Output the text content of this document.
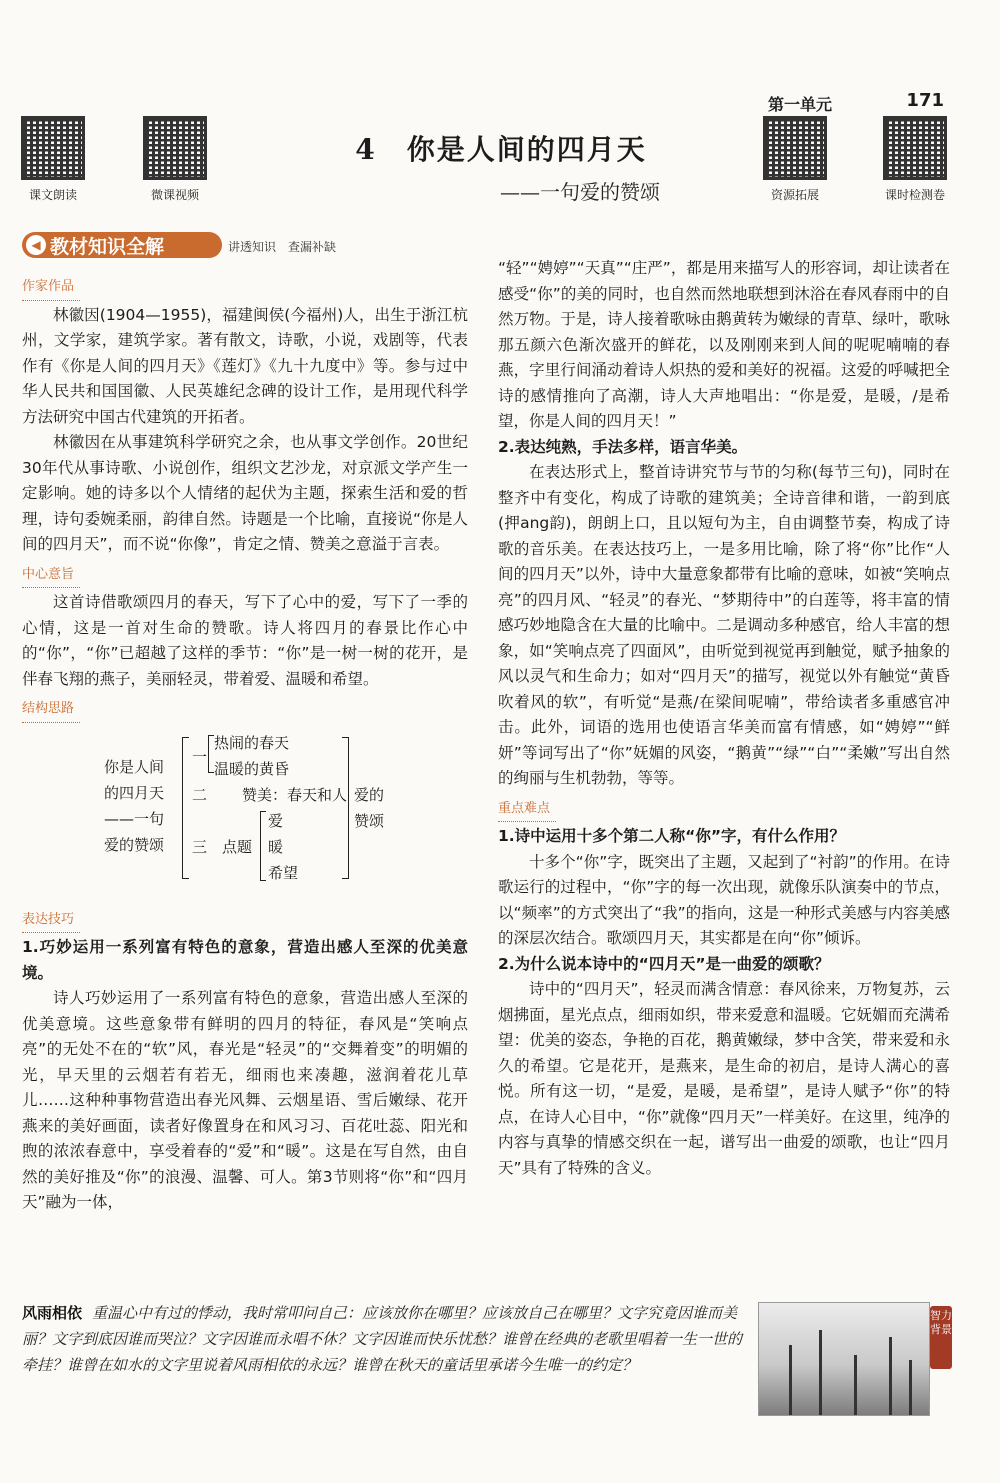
第一单元	171
课文朗读	微课视频	资源拓展	课时检测卷
4　你是人间的四月天
——一句爱的赞颂
◀ 教材知识全解	讲透知识　查漏补缺
作家作品

林徽因(1904—1955)，福建闽侯(今福州)人，出生于浙江杭州，文学家，建筑学家。著有散文，诗歌，小说，戏剧等，代表作有《你是人间的四月天》《莲灯》《九十九度中》等。参与过中华人民共和国国徽、人民英雄纪念碑的设计工作，是用现代科学方法研究中国古代建筑的开拓者。

林徽因在从事建筑科学研究之余，也从事文学创作。20世纪30年代从事诗歌、小说创作，组织文艺沙龙，对京派文学产生一定影响。她的诗多以个人情绪的起伏为主题，探索生活和爱的哲理，诗句委婉柔丽，韵律自然。诗题是一个比喻，直接说“你是人间的四月天”，而不说“你像”，肯定之情、赞美之意溢于言表。

中心意旨

这首诗借歌颂四月的春天，写下了心中的爱，写下了一季的心情，这是一首对生命的赞歌。诗人将四月的春景比作心中的“你”，“你”已超越了这样的季节：“你”是一树一树的花开，是伴春飞翔的燕子，美丽轻灵，带着爱、温暖和希望。

结构思路
你是人间
的四月天
——一句
爱的赞颂
一
热闹的春天
温暖的黄昏
二 赞美：春天和人
三 点题
爱
暖
希望
爱的
赞颂
表达技巧

1.巧妙运用一系列富有特色的意象，营造出感人至深的优美意境。

诗人巧妙运用了一系列富有特色的意象，营造出感人至深的优美意境。这些意象带有鲜明的四月的特征，春风是“笑响点亮”的无处不在的“软”风，春光是“轻灵”的“交舞着变”的明媚的光，早天里的云烟若有若无，细雨也来凑趣，滋润着花儿草儿……这种种事物营造出春光风舞、云烟星语、雪后嫩绿、花开燕来的美好画面，读者好像置身在和风习习、百花吐蕊、阳光和煦的浓浓春意中，享受着春的“爱”和“暖”。这是在写自然，由自然的美好推及“你”的浪漫、温馨、可人。第3节则将“你”和“四月天”融为一体，

“轻”“娉婷”“天真”“庄严”，都是用来描写人的形容词，却让读者在感受“你”的美的同时，也自然而然地联想到沐浴在春风春雨中的自然万物。于是，诗人接着歌咏由鹅黄转为嫩绿的青草、绿叶，歌咏那五颜六色渐次盛开的鲜花，以及刚刚来到人间的呢呢喃喃的春燕，字里行间涌动着诗人炽热的爱和美好的祝福。这爱的呼喊把全诗的感情推向了高潮，诗人大声地唱出：“你是爱，是暖，/是希望，你是人间的四月天！”

2.表达纯熟，手法多样，语言华美。

在表达形式上，整首诗讲究节与节的匀称(每节三句)，同时在整齐中有变化，构成了诗歌的建筑美；全诗音律和谐，一韵到底(押ang韵)，朗朗上口，且以短句为主，自由调整节奏，构成了诗歌的音乐美。在表达技巧上，一是多用比喻，除了将“你”比作“人间的四月天”以外，诗中大量意象都带有比喻的意味，如被“笑响点亮”的四月风、“轻灵”的春光、“梦期待中”的白莲等，将丰富的情感巧妙地隐含在大量的比喻中。二是调动多种感官，给人丰富的想象，如“笑响点亮了四面风”，由听觉到视觉再到触觉，赋予抽象的风以灵气和生命力；如对“四月天”的描写，视觉以外有触觉“黄昏吹着风的软”，有听觉“是燕/在梁间呢喃”，带给读者多重感官冲击。此外，词语的选用也使语言华美而富有情感，如“娉婷”“鲜妍”等词写出了“你”妩媚的风姿，“鹅黄”“绿”“白”“柔嫩”写出自然的绚丽与生机勃勃，等等。

重点难点

1.诗中运用十多个第二人称“你”字，有什么作用？

十多个“你”字，既突出了主题，又起到了“衬韵”的作用。在诗歌运行的过程中，“你”字的每一次出现，就像乐队演奏中的节点，以“频率”的方式突出了“我”的指向，这是一种形式美感与内容美感的深层次结合。歌颂四月天，其实都是在向“你”倾诉。

2.为什么说本诗中的“四月天”是一曲爱的颂歌？

诗中的“四月天”，轻灵而满含情意：春风徐来，万物复苏，云烟拂面，星光点点，细雨如织，带来爱意和温暖。它妩媚而充满希望：优美的姿态，争艳的百花，鹅黄嫩绿，梦中含笑，带来爱和永久的希望。它是花开，是燕来，是生命的初启，是诗人满心的喜悦。所有这一切，“是爱，是暖，是希望”，是诗人赋予“你”的特点，在诗人心目中，“你”就像“四月天”一样美好。在这里，纯净的内容与真挚的情感交织在一起，谱写出一曲爱的颂歌，也让“四月天”具有了特殊的含义。

风雨相依 重温心中有过的悸动，我时常叩问自己：应该放你在哪里？应该放自己在哪里？文字究竟因谁而美丽？文字到底因谁而哭泣？文字因谁而永唱不休？文字因谁而快乐忧愁？谁曾在经典的老歌里唱着一生一世的牵挂？谁曾在如水的文字里说着风雨相依的永远？谁曾在秋天的童话里承诺今生唯一的约定？
智力背景
